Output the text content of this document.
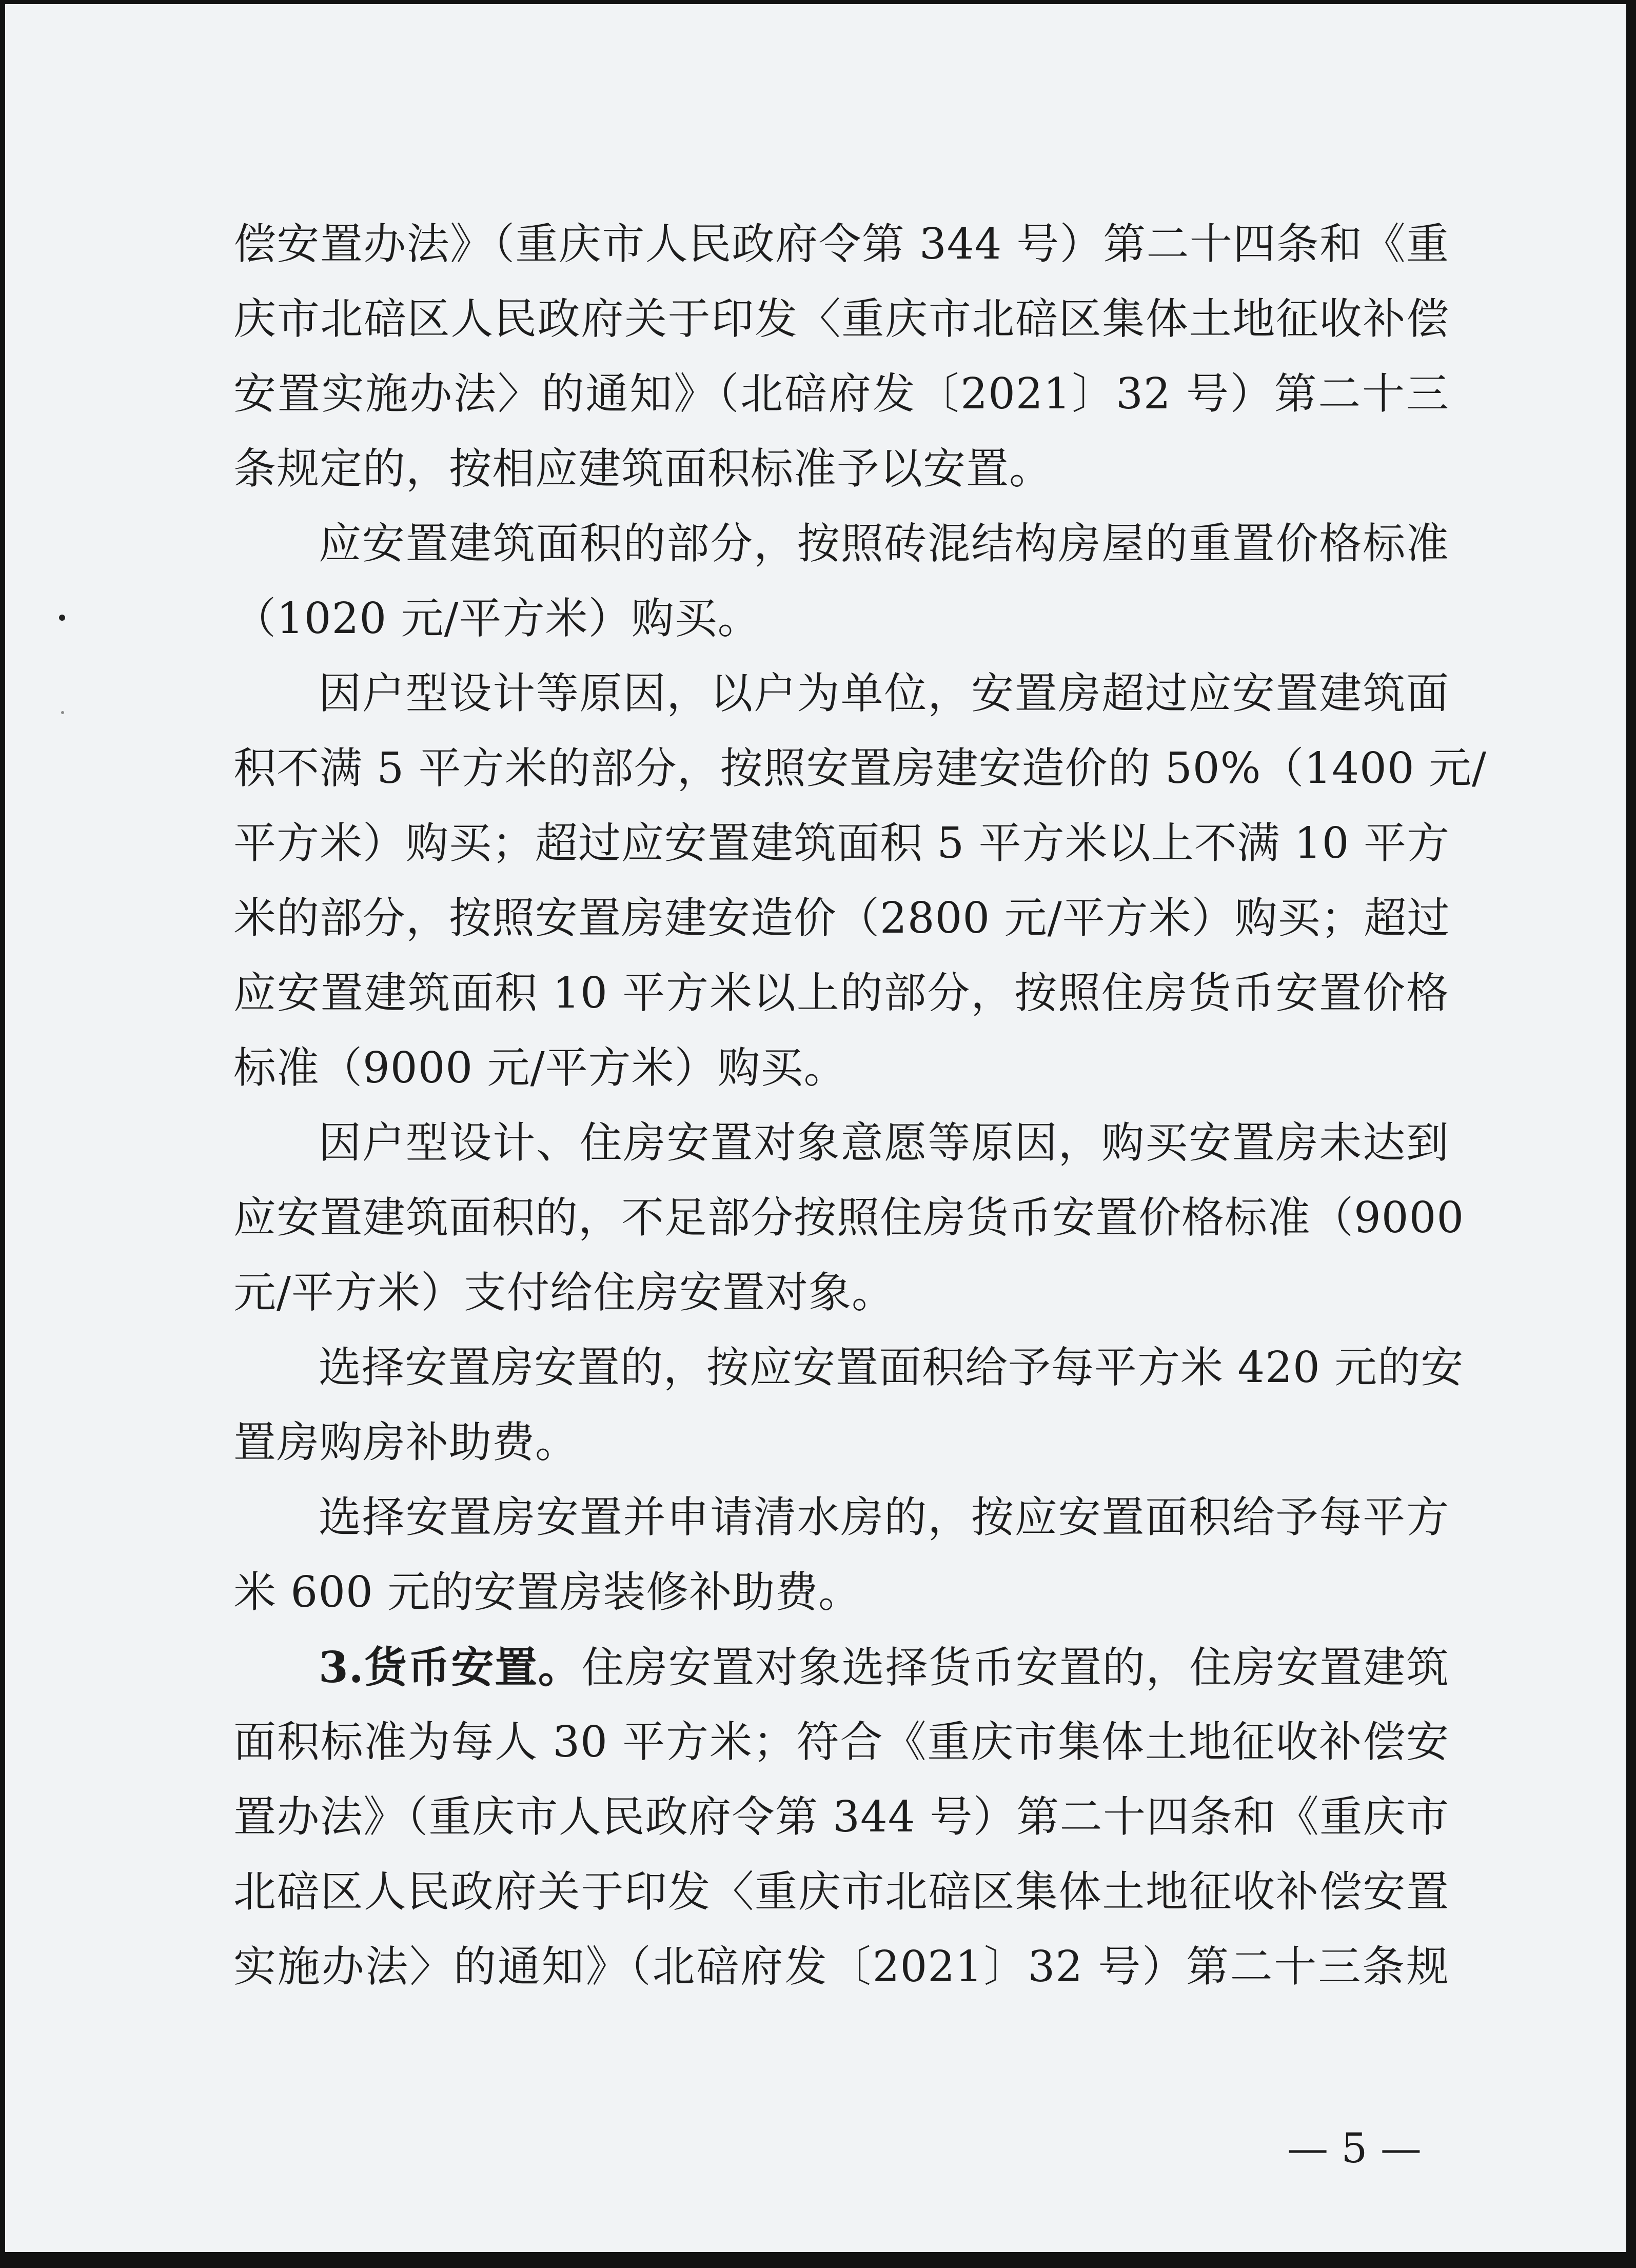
偿安置办法》（重庆市人民政府令第 344 号）第二十四条和《重
庆市北碚区人民政府关于印发〈重庆市北碚区集体土地征收补偿
安置实施办法〉的通知》（北碚府发〔2021〕32 号）第二十三
条规定的，按相应建筑面积标准予以安置。
应安置建筑面积的部分，按照砖混结构房屋的重置价格标准
（1020 元/平方米）购买。
因户型设计等原因，以户为单位，安置房超过应安置建筑面
积不满 5 平方米的部分，按照安置房建安造价的 50%（1400 元/
平方米）购买；超过应安置建筑面积 5 平方米以上不满 10 平方
米的部分，按照安置房建安造价（2800 元/平方米）购买；超过
应安置建筑面积 10 平方米以上的部分，按照住房货币安置价格
标准（9000 元/平方米）购买。
因户型设计、住房安置对象意愿等原因，购买安置房未达到
应安置建筑面积的，不足部分按照住房货币安置价格标准（9000
元/平方米）支付给住房安置对象。
选择安置房安置的，按应安置面积给予每平方米 420 元的安
置房购房补助费。
选择安置房安置并申请清水房的，按应安置面积给予每平方
米 600 元的安置房装修补助费。
3.货币安置。住房安置对象选择货币安置的，住房安置建筑
面积标准为每人 30 平方米；符合《重庆市集体土地征收补偿安
置办法》（重庆市人民政府令第 344 号）第二十四条和《重庆市
北碚区人民政府关于印发〈重庆市北碚区集体土地征收补偿安置
实施办法〉的通知》（北碚府发〔2021〕32 号）第二十三条规
— 5 —
